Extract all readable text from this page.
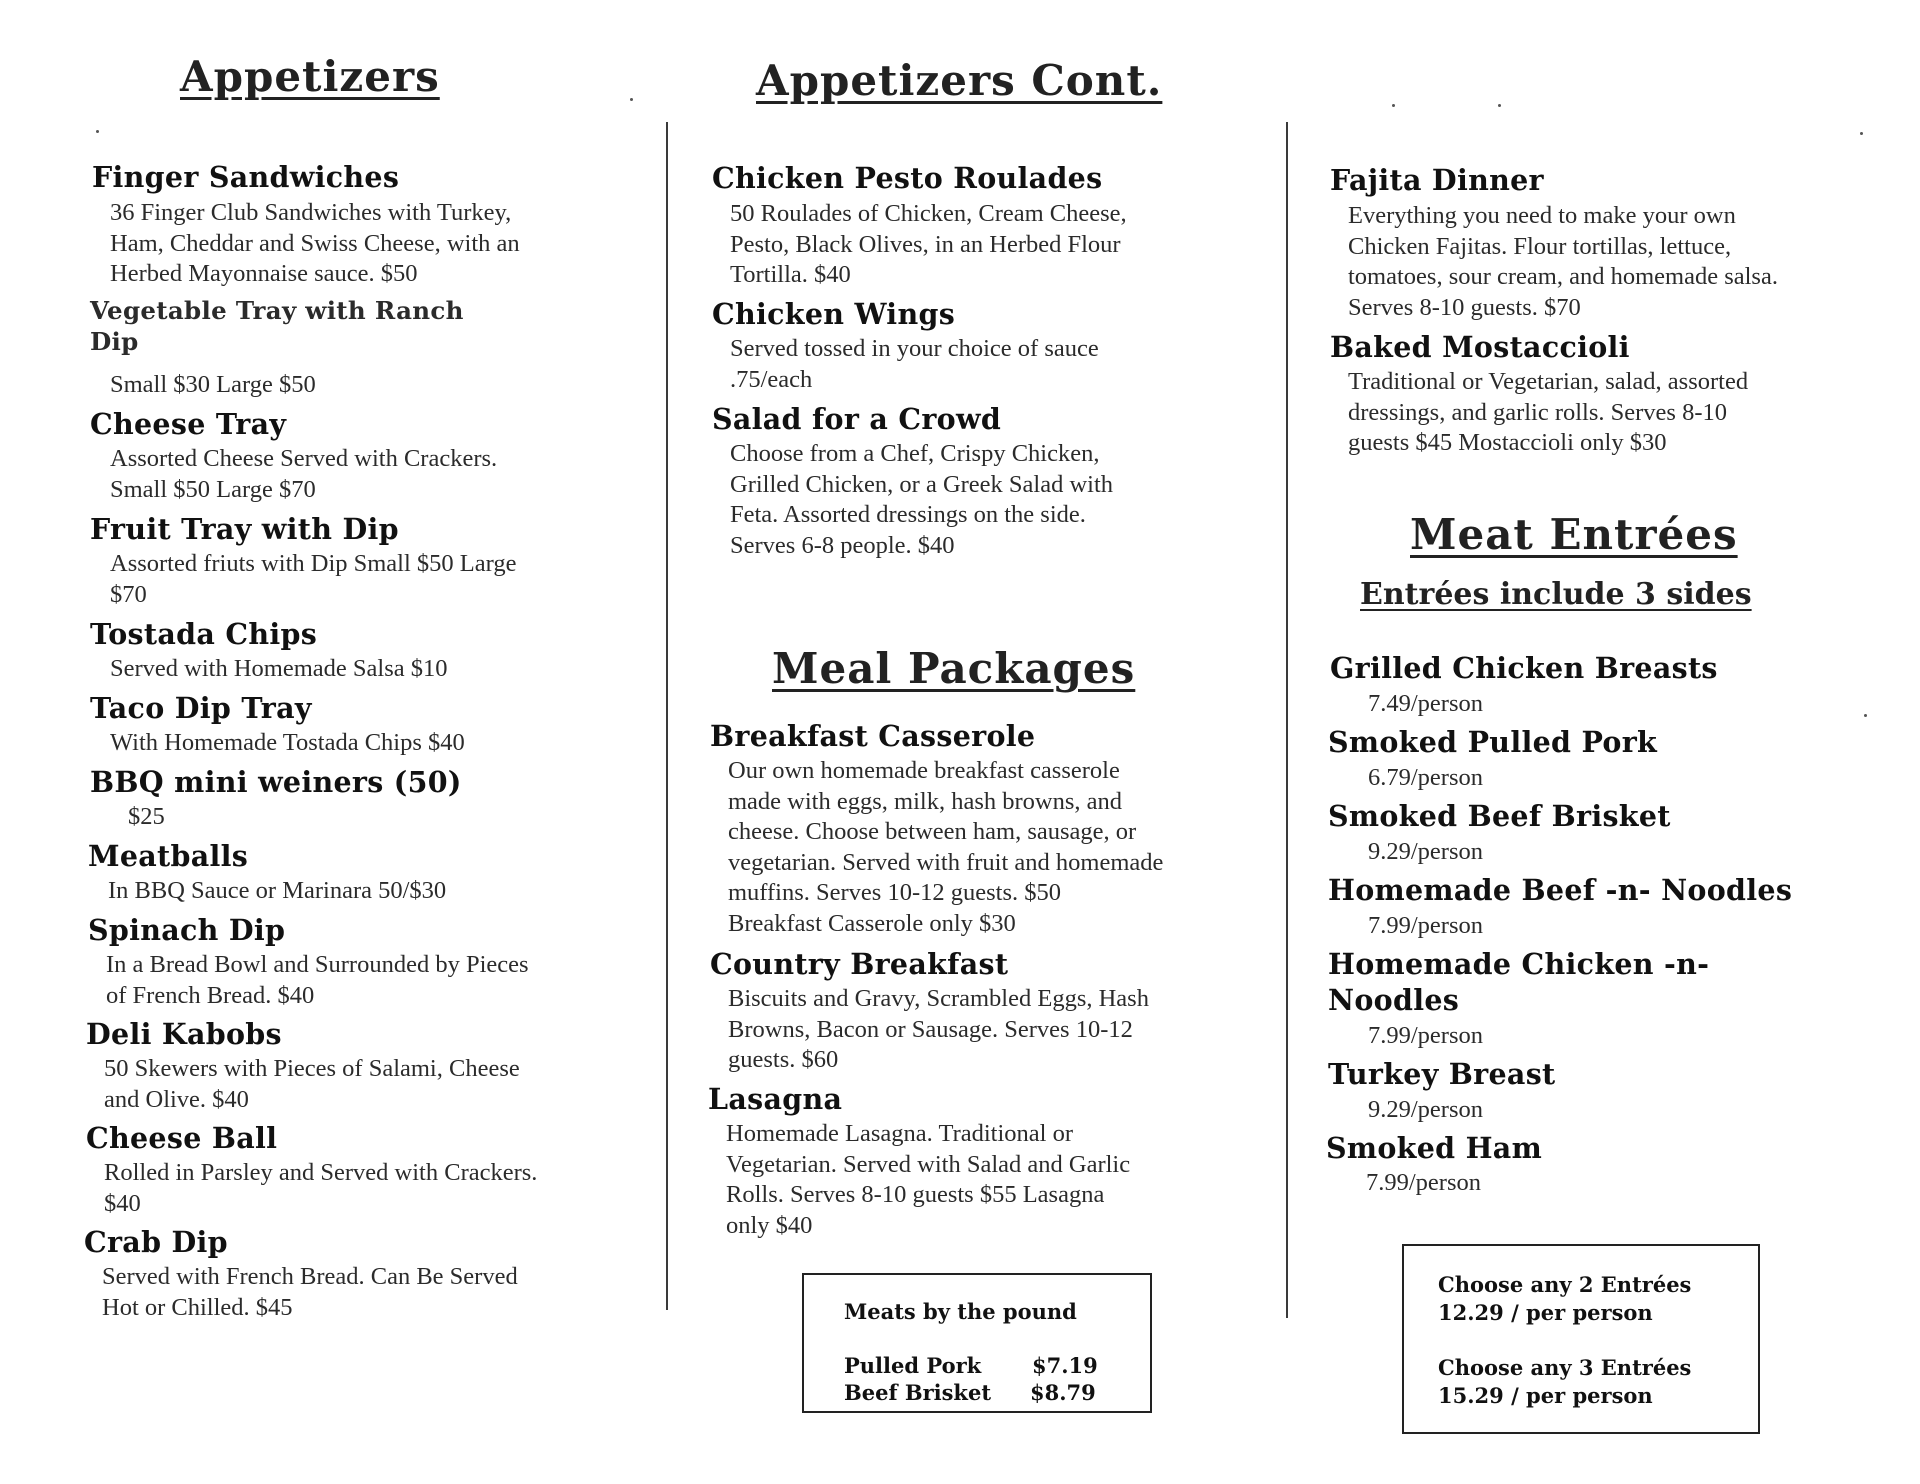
Appetizers
Finger Sandwiches
36 Finger Club Sandwiches with Turkey,
Ham, Cheddar and Swiss Cheese, with an
Herbed Mayonnaise sauce. $50
Vegetable Tray with Ranch
Dip
Small $30 Large $50
Cheese Tray
Assorted Cheese Served with Crackers.
Small $50 Large $70
Fruit Tray with Dip
Assorted friuts with Dip Small $50 Large
$70
Tostada Chips
Served with Homemade Salsa $10
Taco Dip Tray
With Homemade Tostada Chips $40
BBQ mini weiners (50)
$25
Meatballs
In BBQ Sauce or Marinara 50/$30
Spinach Dip
In a Bread Bowl and Surrounded by Pieces
of French Bread. $40
Deli Kabobs
50 Skewers with Pieces of Salami, Cheese
and Olive. $40
Cheese Ball
Rolled in Parsley and Served with Crackers.
$40
Crab Dip
Served with French Bread. Can Be Served
Hot or Chilled. $45
Appetizers Cont.
Chicken Pesto Roulades
50 Roulades of Chicken, Cream Cheese,
Pesto, Black Olives, in an Herbed Flour
Tortilla. $40
Chicken Wings
Served tossed in your choice of sauce
.75/each
Salad for a Crowd
Choose from a Chef, Crispy Chicken,
Grilled Chicken, or a Greek Salad with
Feta. Assorted dressings on the side.
Serves 6-8 people. $40
Meal Packages
Breakfast Casserole
Our own homemade breakfast casserole
made with eggs, milk, hash browns, and
cheese. Choose between ham, sausage, or
vegetarian. Served with fruit and homemade
muffins. Serves 10-12 guests. $50
Breakfast Casserole only $30
Country Breakfast
Biscuits and Gravy, Scrambled Eggs, Hash
Browns, Bacon or Sausage. Serves 10-12
guests. $60
Lasagna
Homemade Lasagna. Traditional or
Vegetarian. Served with Salad and Garlic
Rolls. Serves 8-10 guests $55 Lasagna
only $40
Meats by the pound
Pulled Pork $7.19
Beef Brisket $8.79
Fajita Dinner
Everything you need to make your own
Chicken Fajitas. Flour tortillas, lettuce,
tomatoes, sour cream, and homemade salsa.
Serves 8-10 guests. $70
Baked Mostaccioli
Traditional or Vegetarian, salad, assorted
dressings, and garlic rolls. Serves 8-10
guests $45 Mostaccioli only $30
Meat Entrées
Entrées include 3 sides
Grilled Chicken Breasts
7.49/person
Smoked Pulled Pork
6.79/person
Smoked Beef Brisket
9.29/person
Homemade Beef -n- Noodles
7.99/person
Homemade Chicken -n-
Noodles
7.99/person
Turkey Breast
9.29/person
Smoked Ham
7.99/person
Choose any 2 Entrées
12.29 / per person
Choose any 3 Entrées
15.29 / per person
